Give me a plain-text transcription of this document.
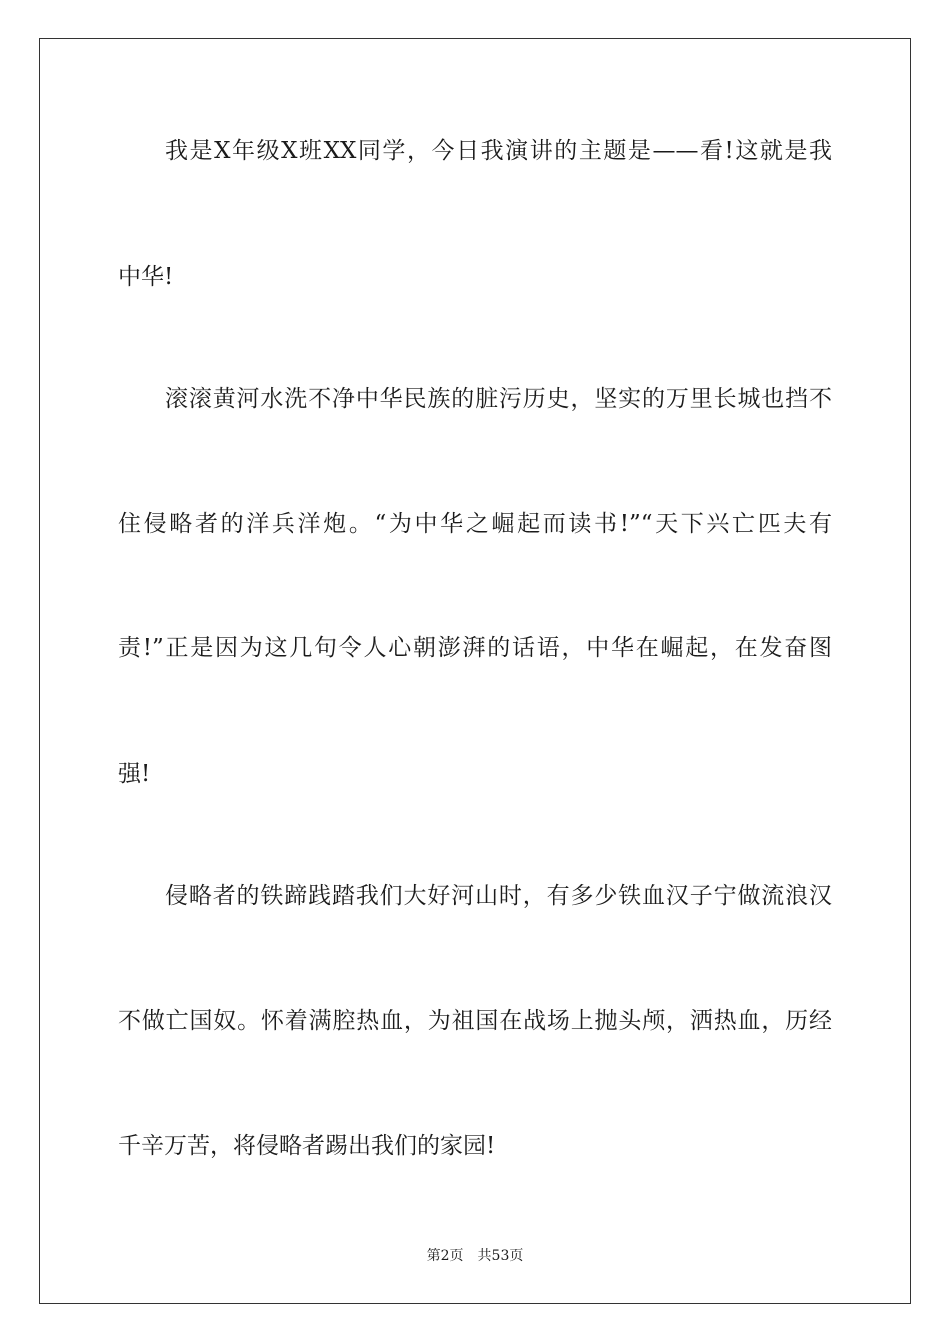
我是X年级X班XX同学，今日我演讲的主题是——看!这就是我
中华!
滚滚黄河水洗不净中华民族的脏污历史，坚实的万里长城也挡不
住侵略者的洋兵洋炮。“为中华之崛起而读书!”“天下兴亡匹夫有
责!”正是因为这几句令人心朝澎湃的话语，中华在崛起，在发奋图
强!
侵略者的铁蹄践踏我们大好河山时，有多少铁血汉子宁做流浪汉
不做亡国奴。怀着满腔热血，为祖国在战场上抛头颅，洒热血，历经
千辛万苦，将侵略者踢出我们的家园!
第2页 共53页
